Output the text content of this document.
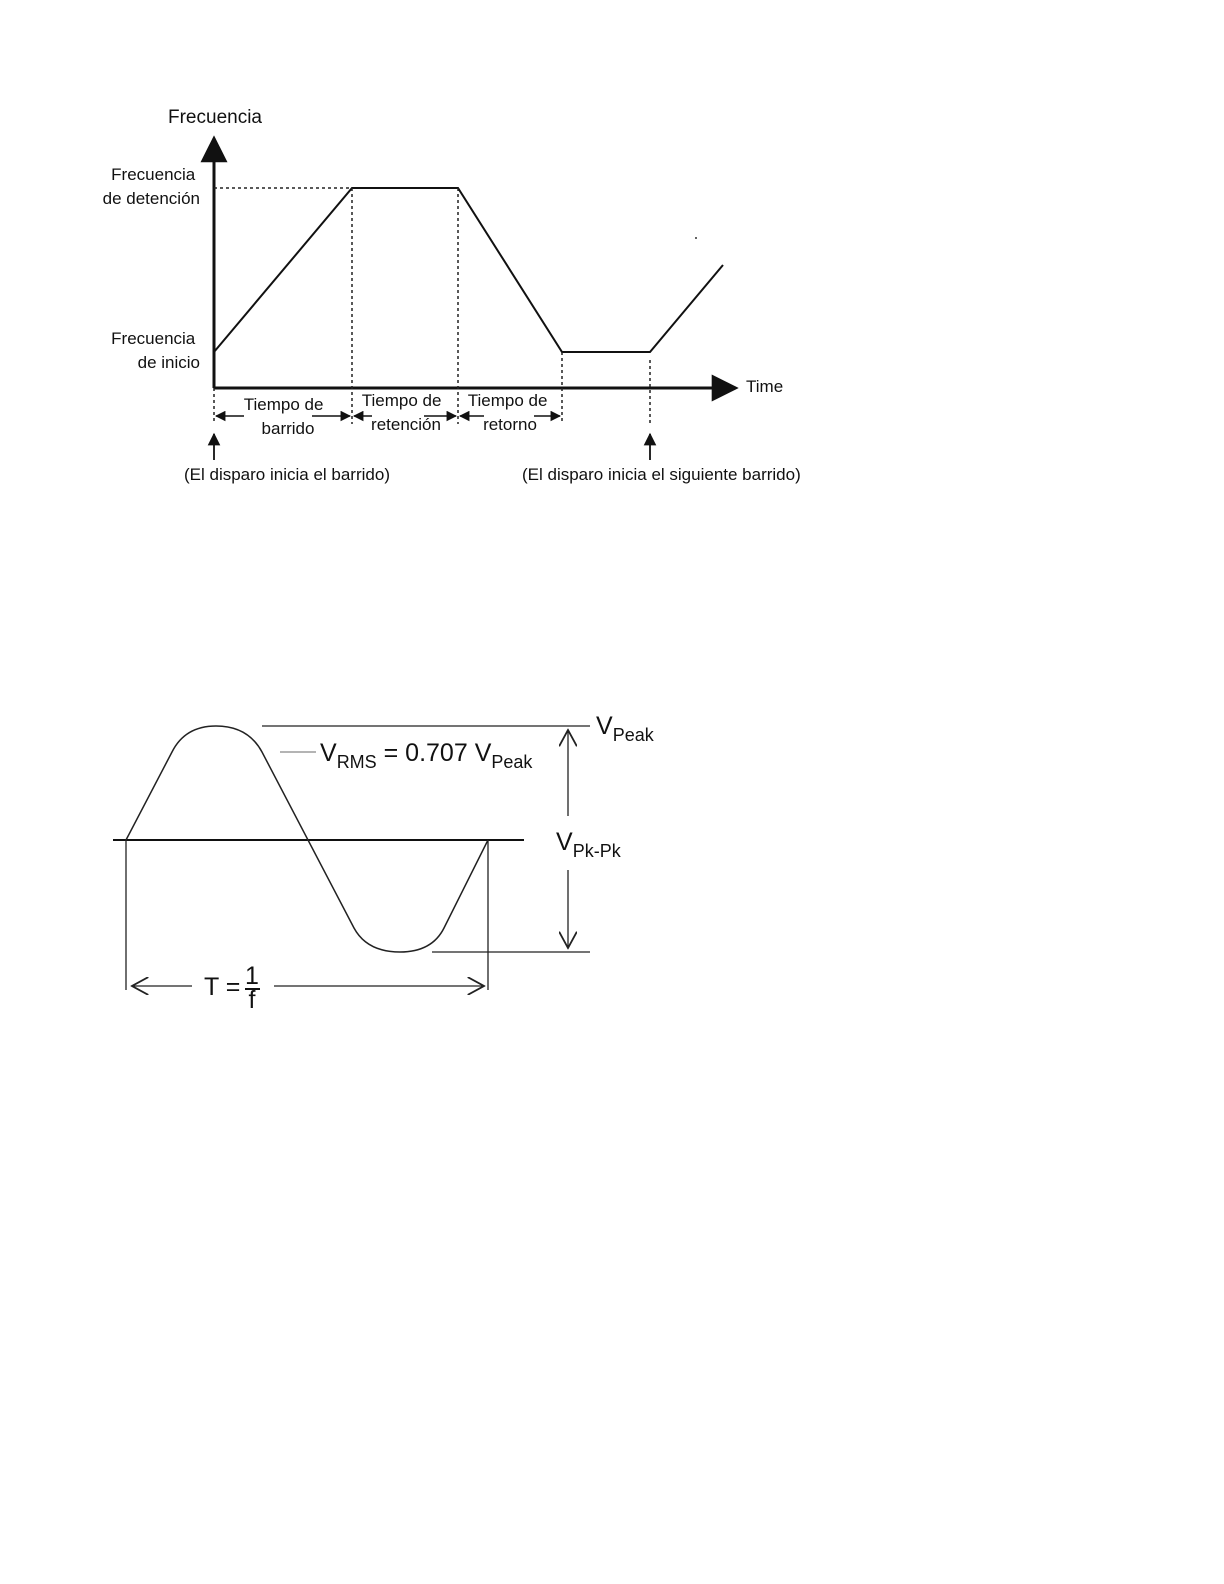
Frecuencia
Time
Frecuencia de detención
Frecuencia de inicio
Tiempo de barrido
Tiempo de retención
Tiempo de retorno
(El disparo inicia el barrido)	(El disparo inicia el siguiente barrido)
$V_{Peak}$
$V_{Pk-Pk}$
$V_{RMS} = 0.707$ $V_{Peak}$
T = 1
f
